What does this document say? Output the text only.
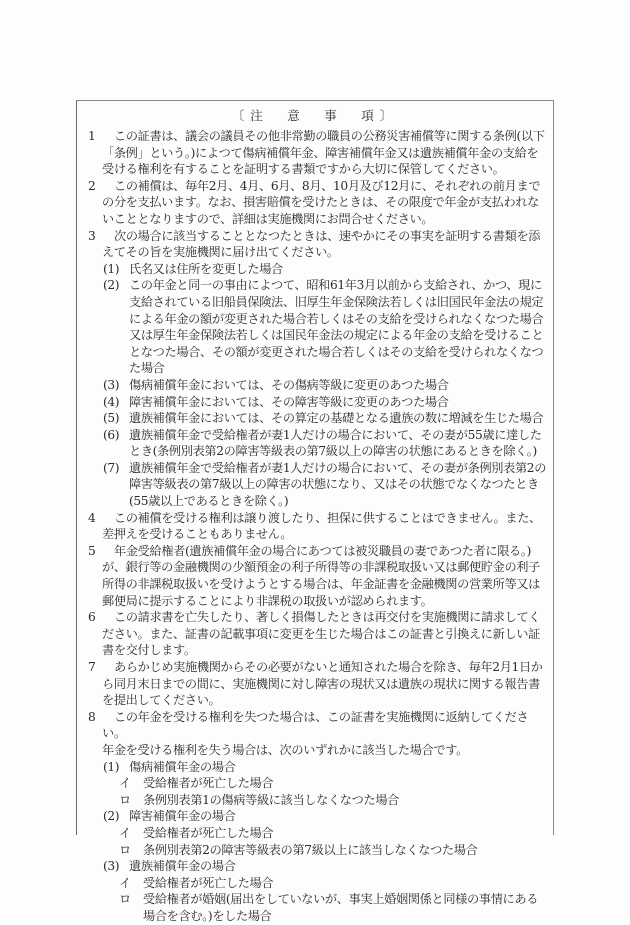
〔注　意　事　項〕
1	この証書は、議会の議員その他非常勤の職員の公務災害補償等に関する条例(以下「条例」という。)によつて傷病補償年金、障害補償年金又は遺族補償年金の支給を受ける権利を有することを証明する書類ですから大切に保管してください。
2	この補償は、毎年2月、4月、6月、8月、10月及び12月に、それぞれの前月までの分を支払います。なお、損害賠償を受けたときは、その限度で年金が支払われないこととなりますので、詳細は実施機関にお問合せください。
3	次の場合に該当することとなつたときは、速やかにその事実を証明する書類を添えてその旨を実施機関に届け出てください。
(1) 氏名又は住所を変更した場合
(2) この年金と同一の事由によつて、昭和61年3月以前から支給され、かつ、現に支給されている旧船員保険法、旧厚生年金保険法若しくは旧国民年金法の規定による年金の額が変更された場合若しくはその支給を受けられなくなつた場合又は厚生年金保険法若しくは国民年金法の規定による年金の支給を受けることとなつた場合、その額が変更された場合若しくはその支給を受けられなくなつた場合
(3) 傷病補償年金においては、その傷病等級に変更のあつた場合
(4) 障害補償年金においては、その障害等級に変更のあつた場合
(5) 遺族補償年金においては、その算定の基礎となる遺族の数に増減を生じた場合
(6) 遺族補償年金で受給権者が妻1人だけの場合において、その妻が55歳に達したとき(条例別表第2の障害等級表の第7級以上の障害の状態にあるときを除く。)
(7) 遺族補償年金で受給権者が妻1人だけの場合において、その妻が条例別表第2の障害等級表の第7級以上の障害の状態になり、又はその状態でなくなつたとき(55歳以上であるときを除く。)
4	この補償を受ける権利は譲り渡したり、担保に供することはできません。また、差押えを受けることもありません。
5	年金受給権者(遺族補償年金の場合にあつては被災職員の妻であつた者に限る。)が、銀行等の金融機関の少額預金の利子所得等の非課税取扱い又は郵便貯金の利子所得の非課税取扱いを受けようとする場合は、年金証書を金融機関の営業所等又は郵便局に提示することにより非課税の取扱いが認められます。
6	この請求書を亡失したり、著しく損傷したときは再交付を実施機関に請求してください。また、証書の記載事項に変更を生じた場合はこの証書と引換えに新しい証書を交付します。
7	あらかじめ実施機関からその必要がないと通知された場合を除き、毎年2月1日から同月末日までの間に、実施機関に対し障害の現状又は遺族の現状に関する報告書を提出してください。
8	この年金を受ける権利を失つた場合は、この証書を実施機関に返納してください。
年金を受ける権利を失う場合は、次のいずれかに該当した場合です。
(1) 傷病補償年金の場合
イ 受給権者が死亡した場合
ロ 条例別表第1の傷病等級に該当しなくなつた場合
(2) 障害補償年金の場合
イ 受給権者が死亡した場合
ロ 条例別表第2の障害等級表の第7級以上に該当しなくなつた場合
(3) 遺族補償年金の場合
イ 受給権者が死亡した場合
ロ 受給権者が婚姻(届出をしていないが、事実上婚姻関係と同様の事情にある場合を含む。)をした場合
